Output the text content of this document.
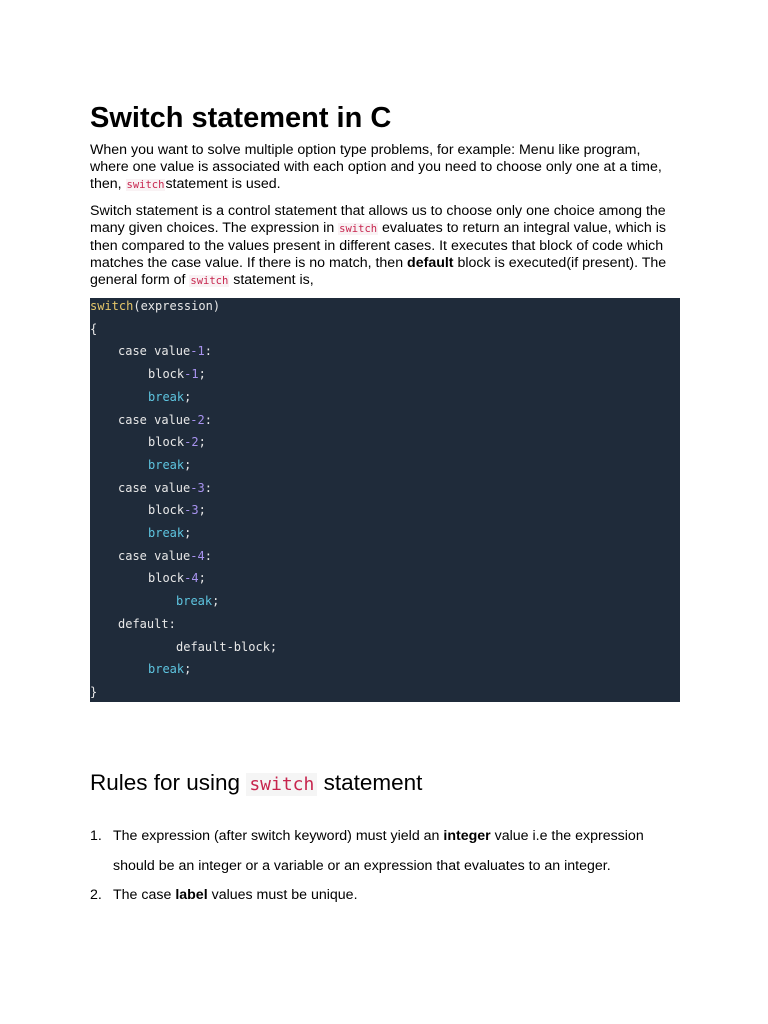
Switch statement in C

When you want to solve multiple option type problems, for example: Menu like program, where one value is associated with each option and you need to choose only one at a time, then, switchstatement is used.

Switch statement is a control statement that allows us to choose only one choice among the many given choices. The expression in switch evaluates to return an integral value, which is then compared to the values present in different cases. It executes that block of code which matches the case value. If there is no match, then default block is executed(if present). The general form of switch statement is,

switch(expression)
{
case value-1:
block-1;
break;
case value-2:
block-2;
break;
case value-3:
block-3;
break;
case value-4:
block-4;
break;
default:
default-block;
break;
}
Rules for using switch statement
1. The expression (after switch keyword) must yield an integer value i.e the expression should be an integer or a variable or an expression that evaluates to an integer.
2. The case label values must be unique.
